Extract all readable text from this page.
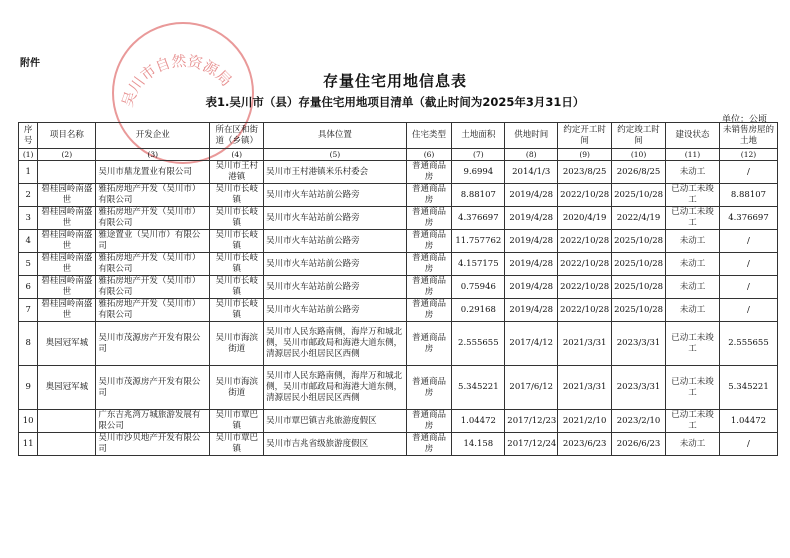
吴川市自然资源局
附件
存量住宅用地信息表
表1.吴川市（县）存量住宅用地项目清单（截止时间为2025年3月31日）
单位：公顷
序号	项目名称	开发企业	所在区和街道（乡镇）	具体位置	住宅类型	土地面积	供地时间	约定开工时间	约定竣工时间	建设状态	未销售房屋的土地
(1)	(2)	(3)	(4)	(5)	(6)	(7)	(8)	(9)	(10)	(11)	(12)
1		吴川市鼎龙置业有限公司	吴川市王村港镇	吴川市王村港镇米乐村委会	普通商品房	9.6994	2014/1/3	2023/8/25	2026/8/25	未动工	/
2	碧桂园岭南盛世	雅拓房地产开发（吴川市）有限公司	吴川市长岐镇	吴川市火车站站前公路旁	普通商品房	8.88107	2019/4/28	2022/10/28	2025/10/28	已动工未竣工	8.88107
3	碧桂园岭南盛世	雅拓房地产开发（吴川市）有限公司	吴川市长岐镇	吴川市火车站站前公路旁	普通商品房	4.376697	2019/4/28	2020/4/19	2022/4/19	已动工未竣工	4.376697
4	碧桂园岭南盛世	雅途置业（吴川市）有限公司	吴川市长岐镇	吴川市火车站站前公路旁	普通商品房	11.757762	2019/4/28	2022/10/28	2025/10/28	未动工	/
5	碧桂园岭南盛世	雅拓房地产开发（吴川市）有限公司	吴川市长岐镇	吴川市火车站站前公路旁	普通商品房	4.157175	2019/4/28	2022/10/28	2025/10/28	未动工	/
6	碧桂园岭南盛世	雅拓房地产开发（吴川市）有限公司	吴川市长岐镇	吴川市火车站站前公路旁	普通商品房	0.75946	2019/4/28	2022/10/28	2025/10/28	未动工	/
7	碧桂园岭南盛世	雅拓房地产开发（吴川市）有限公司	吴川市长岐镇	吴川市火车站站前公路旁	普通商品房	0.29168	2019/4/28	2022/10/28	2025/10/28	未动工	/
8	奥园冠军城	吴川市茂源房产开发有限公司	吴川市海滨街道	吴川市人民东路南侧，海岸万和城北侧，吴川市邮政局和海港大道东侧，清源居民小组居民区西侧	普通商品房	2.555655	2017/4/12	2021/3/31	2023/3/31	已动工未竣工	2.555655
9	奥园冠军城	吴川市茂源房产开发有限公司	吴川市海滨街道	吴川市人民东路南侧，海岸万和城北侧，吴川市邮政局和海港大道东侧，清源居民小组居民区西侧	普通商品房	5.345221	2017/6/12	2021/3/31	2023/3/31	已动工未竣工	5.345221
10		广东吉兆湾万城旅游发展有限公司	吴川市覃巴镇	吴川市覃巴镇吉兆旅游度假区	普通商品房	1.04472	2017/12/23	2021/2/10	2023/2/10	已动工未竣工	1.04472
11		吴川市沙贝地产开发有限公司	吴川市覃巴镇	吴川市吉兆省级旅游度假区	普通商品房	14.158	2017/12/24	2023/6/23	2026/6/23	未动工	/
